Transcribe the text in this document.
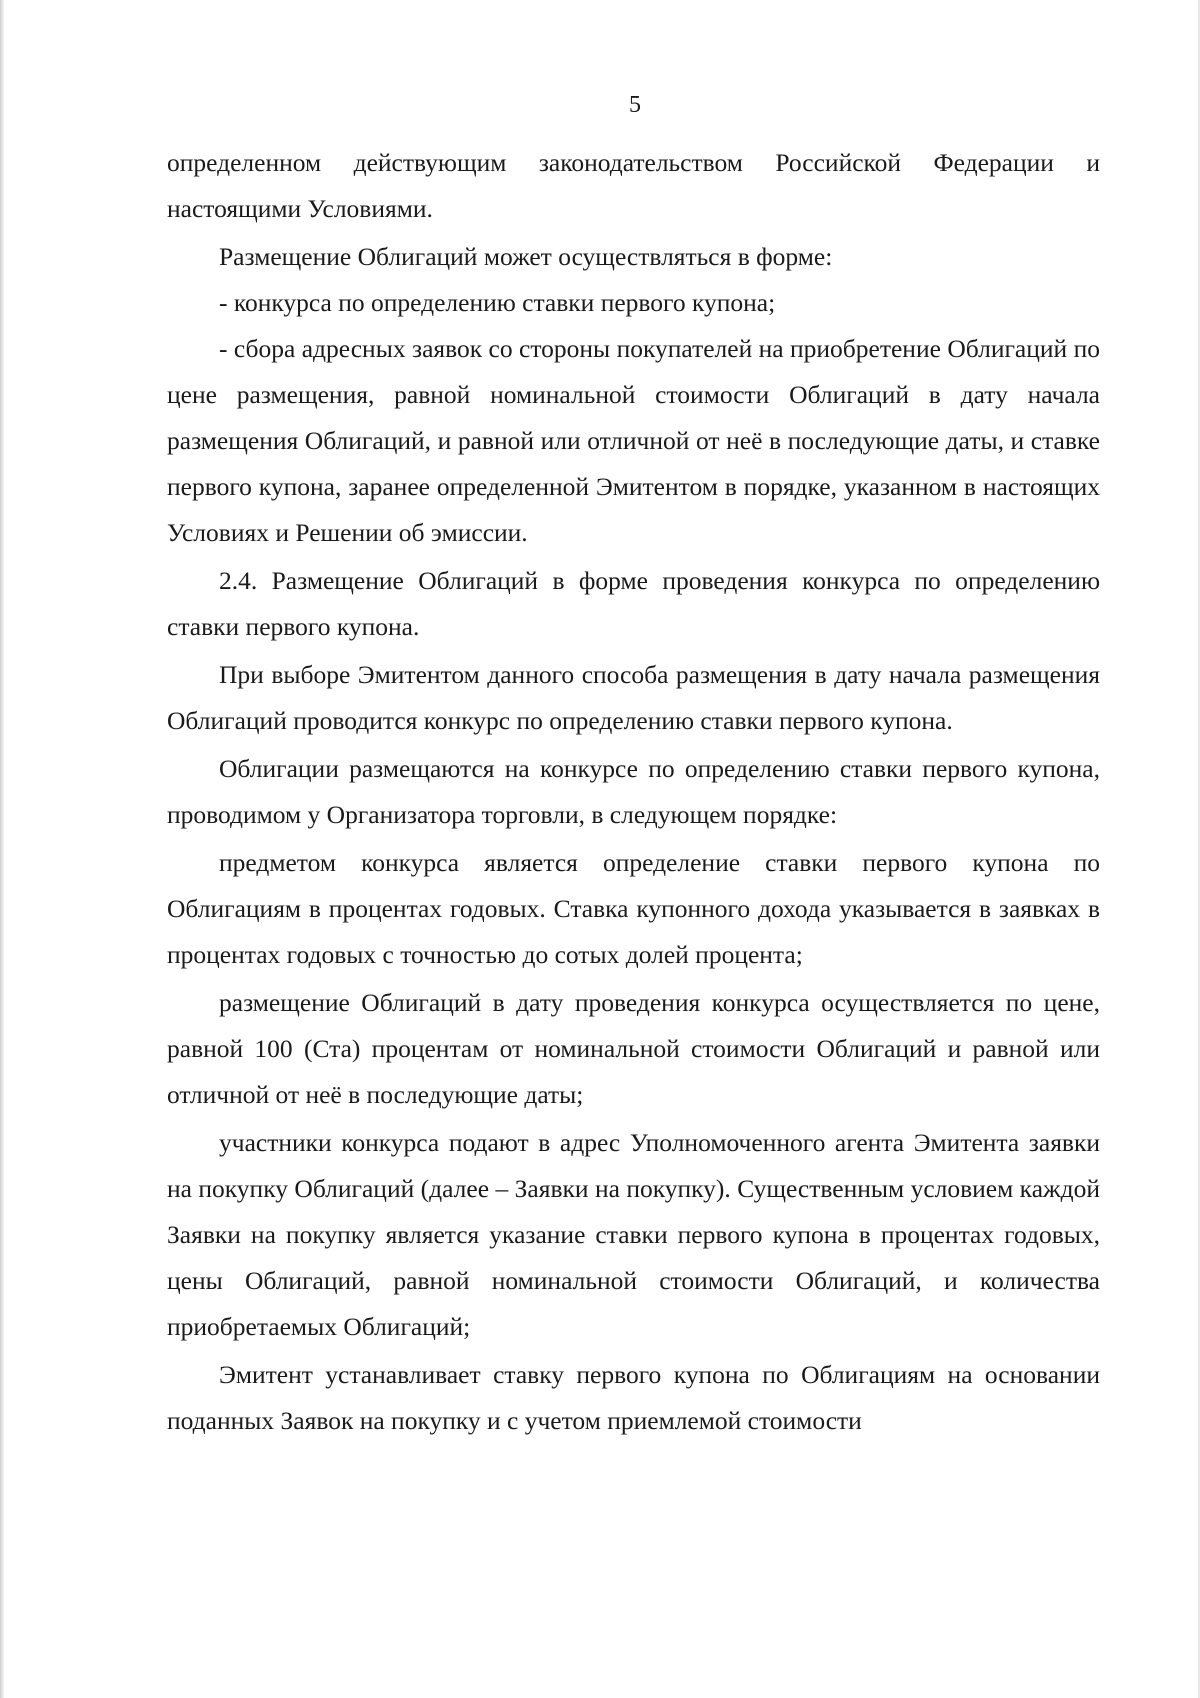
5

определенном действующим законодательством Российской Федерации и настоящими Условиями.

Размещение Облигаций может осуществляться в форме:

- конкурса по определению ставки первого купона;

- сбора адресных заявок со стороны покупателей на приобретение Облигаций по цене размещения, равной номинальной стоимости Облигаций в дату начала размещения Облигаций, и равной или отличной от неё в последующие даты, и ставке первого купона, заранее определенной Эмитентом в порядке, указанном в настоящих Условиях и Решении об эмиссии.

2.4. Размещение Облигаций в форме проведения конкурса по определению ставки первого купона.

При выборе Эмитентом данного способа размещения в дату начала размещения Облигаций проводится конкурс по определению ставки первого купона.

Облигации размещаются на конкурсе по определению ставки первого купона, проводимом у Организатора торговли, в следующем порядке:

предметом конкурса является определение ставки первого купона по Облигациям в процентах годовых. Ставка купонного дохода указывается в заявках в процентах годовых с точностью до сотых долей процента;

размещение Облигаций в дату проведения конкурса осуществляется по цене, равной 100 (Ста) процентам от номинальной стоимости Облигаций и равной или отличной от неё в последующие даты;

участники конкурса подают в адрес Уполномоченного агента Эмитента заявки на покупку Облигаций (далее – Заявки на покупку). Существенным условием каждой Заявки на покупку является указание ставки первого купона в процентах годовых, цены Облигаций, равной номинальной стоимости Облигаций, и количества приобретаемых Облигаций;

Эмитент устанавливает ставку первого купона по Облигациям на основании поданных Заявок на покупку и с учетом приемлемой стоимости
